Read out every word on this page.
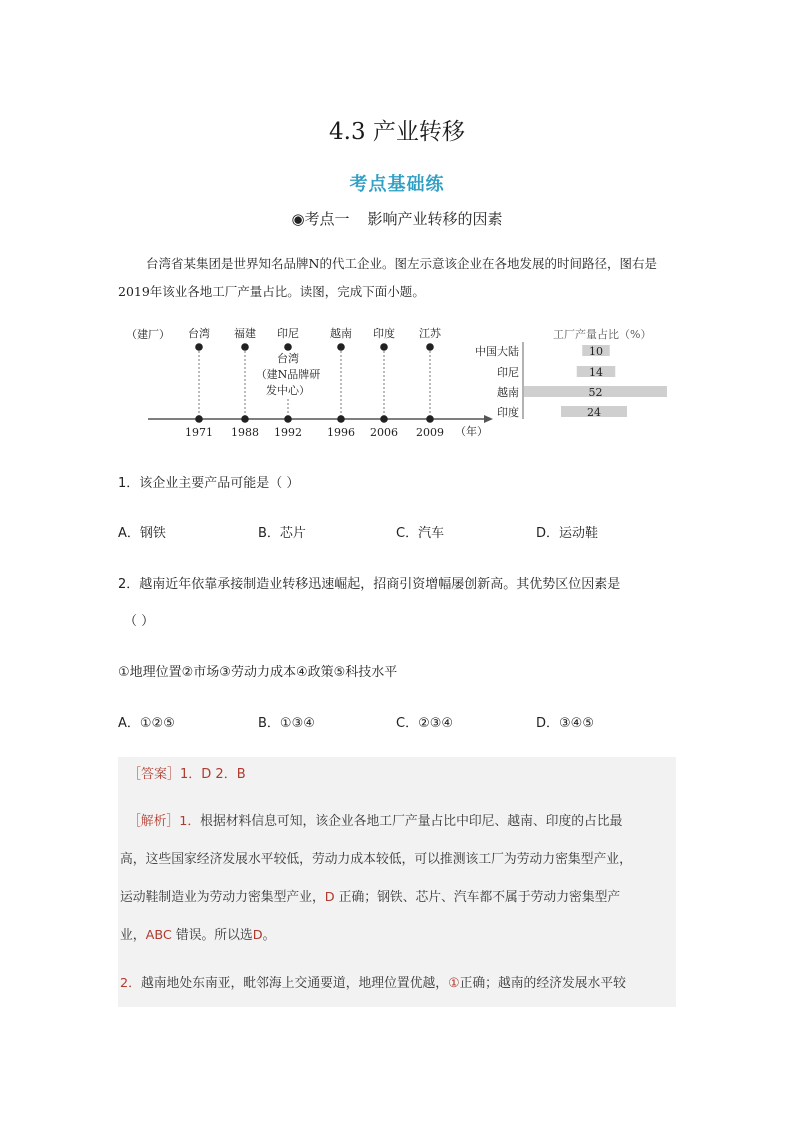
4.3 产业转移
考点基础练
◉考点一 影响产业转移的因素
台湾省某集团是世界知名品牌N的代工企业。图左示意该企业在各地发展的时间路径，图右是2019年该业各地工厂产量占比。读图，完成下面小题。
（建厂）
（年）
台湾
1971
福建
1988
印尼
1992
台湾
（建N品牌研
发中心）
越南
1996
印度
2006
江苏
2009
工厂产量占比（%）
中国大陆	10
印尼	14
越南	52
印度	24
1．该企业主要产品可能是（ ）
A．钢铁	B．芯片	C．汽车	D．运动鞋
2．越南近年依靠承接制造业转移迅速崛起，招商引资增幅屡创新高。其优势区位因素是
（ ）
①地理位置②市场③劳动力成本④政策⑤科技水平
A．①②⑤	B．①③④	C．②③④	D．③④⑤
［答案］1．D 2．B
［解析］1．根据材料信息可知，该企业各地工厂产量占比中印尼、越南、印度的占比最
高，这些国家经济发展水平较低，劳动力成本较低，可以推测该工厂为劳动力密集型产业，
运动鞋制造业为劳动力密集型产业，D 正确；钢铁、芯片、汽车都不属于劳动力密集型产
业，ABC 错误。所以选D。
2．越南地处东南亚，毗邻海上交通要道，地理位置优越，①正确；越南的经济发展水平较
